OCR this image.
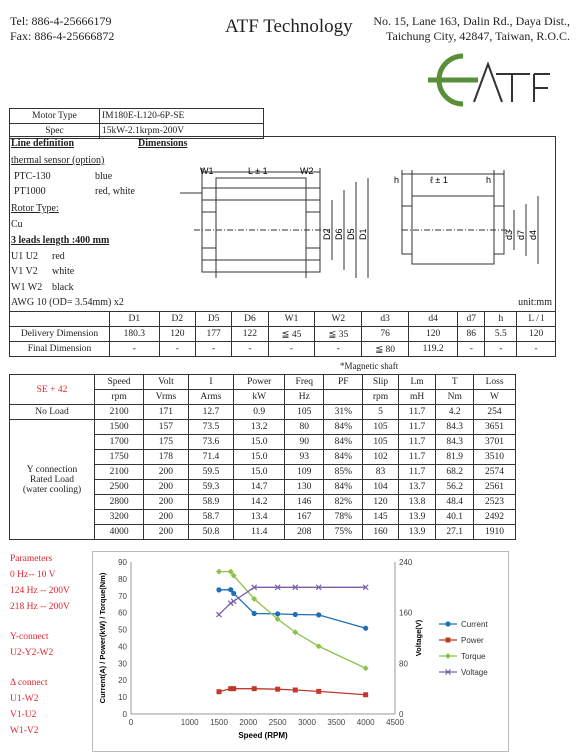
Tel: 886-4-25666179
Fax: 886-4-25666872	ATF Technology No. 15, Lane 163, Dalin Rd., Daya Dist.,
Taichung City, 42847, Taiwan, R.O.C.
Motor Type	IM180E-L120-6P-SE
Spec	15kW-2.1krpm-200V
Line definition	Dimensions
thermal sensor (option)
PTC-130	blue
PT1000	red, white
Rotor Type:
Cu
3 leads length :400 mm
U1 U2 red
V1 V2 white
W1 W2 black
AWG 10 (OD= 3.54mm) x2	unit:mm
W1	L ± 1	W2
D2 D6 D5 D1
h	ℓ ± 1	h
d3 d7 d4
	D1	D2	D5	D6	W1	W2	d3	d4	d7	h	L / l
Delivery Dimension	180.3	120	177	122	≦ 45	≦ 35	76	120	86	5.5	120
Final Dimension	-	-	-	-	-	-	≦ 80	119.2	-	-	-
*Magnetic shaft
SE + 42	Speed	Volt	I	Power	Freq	PF	Slip	Lm	T	Loss
	rpm	Vrms	Arms	kW	Hz		rpm	mH	Nm	W
No Load	2100	171	12.7	0.9	105	31%	5	11.7	4.2	254

Y connection
Rated Load
(water cooling)	1500	157	73.5	13.2	80	84%	105	11.7	84.3	3651
	1700	175	73.6	15.0	90	84%	105	11.7	84.3	3701
	1750	178	71.4	15.0	93	84%	102	11.7	81.9	3510
	2100	200	59.5	15.0	109	85%	83	11.7	68.2	2574
	2500	200	59.3	14.7	130	84%	104	13.7	56.2	2561
	2800	200	58.9	14.2	146	82%	120	13.8	48.4	2523
	3200	200	58.7	13.4	167	78%	145	13.9	40.1	2492
	4000	200	50.8	11.4	208	75%	160	13.9	27.1	1910
Parameters
0 Hz-- 10 V
124 Hz -- 200V
218 Hz -- 200V
Y-connect
U2-Y2-W2
Δ connect
U1-W2
V1-U2
W1-V2
0
10
20
30
40
50
60
70
80
90
0
80
160
240
0	1000 1500 2000 2500 3000 3500 4000 4500
Speed (RPM)
Current(A) / Power(kW) / Torque(Nm)	Voltage(V)	Current
Power
Torque
Voltage
